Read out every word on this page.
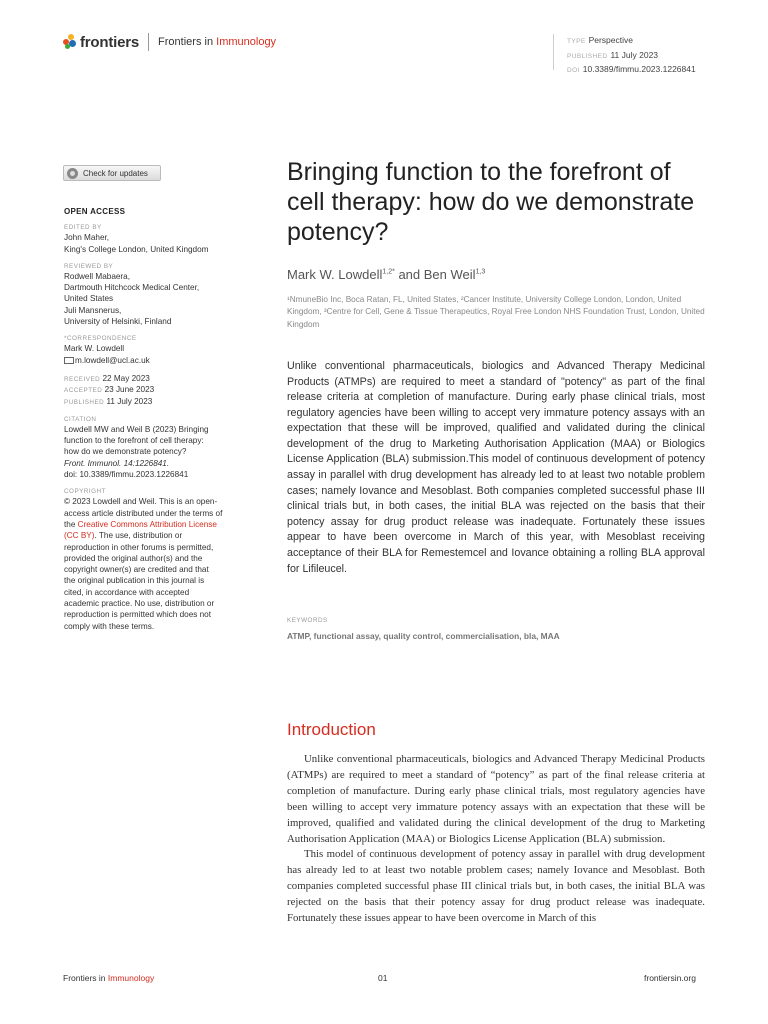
frontiers Frontiers in Immunology	TYPE Perspective
PUBLISHED 11 July 2023
DOI 10.3389/fimmu.2023.1226841
Check for updates
OPEN ACCESS
EDITED BY
John Maher,
King's College London, United Kingdom
REVIEWED BY
Rodwell Mabaera,
Dartmouth Hitchcock Medical Center,
United States
Juli Mansnerus,
University of Helsinki, Finland
*CORRESPONDENCE
Mark W. Lowdell
m.lowdell@ucl.ac.uk
RECEIVED 22 May 2023
ACCEPTED 23 June 2023
PUBLISHED 11 July 2023
CITATION
Lowdell MW and Weil B (2023) Bringing
function to the forefront of cell therapy:
how do we demonstrate potency?
Front. Immunol. 14:1226841.
doi: 10.3389/fimmu.2023.1226841
COPYRIGHT
© 2023 Lowdell and Weil. This is an open-
access article distributed under the terms of
the Creative Commons Attribution License
(CC BY). The use, distribution or
reproduction in other forums is permitted,
provided the original author(s) and the
copyright owner(s) are credited and that
the original publication in this journal is
cited, in accordance with accepted
academic practice. No use, distribution or
reproduction is permitted which does not
comply with these terms.
Bringing function to the forefront of cell therapy: how do we demonstrate potency?
Mark W. Lowdell$^{1,2*}$ and Ben Weil$^{1,3}$
¹NmuneBio Inc, Boca Ratan, FL, United States, ²Cancer Institute, University College London, London, United Kingdom, ³Centre for Cell, Gene & Tissue Therapeutics, Royal Free London NHS Foundation Trust, London, United Kingdom
Unlike conventional pharmaceuticals, biologics and Advanced Therapy Medicinal Products (ATMPs) are required to meet a standard of "potency" as part of the final release criteria at completion of manufacture. During early phase clinical trials, most regulatory agencies have been willing to accept very immature potency assays with an expectation that these will be improved, qualified and validated during the clinical development of the drug to Marketing Authorisation Application (MAA) or Biologics License Application (BLA) submission.This model of continuous development of potency assay in parallel with drug development has already led to at least two notable problem cases; namely Iovance and Mesoblast. Both companies completed successful phase III clinical trials but, in both cases, the initial BLA was rejected on the basis that their potency assay for drug product release was inadequate. Fortunately these issues appear to have been overcome in March of this year, with Mesoblast receiving acceptance of their BLA for Remestemcel and Iovance obtaining a rolling BLA approval for Lifileucel.
KEYWORDS
ATMP, functional assay, quality control, commercialisation, bla, MAA
Introduction

Unlike conventional pharmaceuticals, biologics and Advanced Therapy Medicinal Products (ATMPs) are required to meet a standard of “potency” as part of the final release criteria at completion of manufacture. During early phase clinical trials, most regulatory agencies have been willing to accept very immature potency assays with an expectation that these will be improved, qualified and validated during the clinical development of the drug to Marketing Authorisation Application (MAA) or Biologics License Application (BLA) submission.

This model of continuous development of potency assay in parallel with drug development has already led to at least two notable problem cases; namely Iovance and Mesoblast. Both companies completed successful phase III clinical trials but, in both cases, the initial BLA was rejected on the basis that their potency assay for drug product release was inadequate. Fortunately these issues appear to have been overcome in March of this

Frontiers in Immunology	01	frontiersin.org
